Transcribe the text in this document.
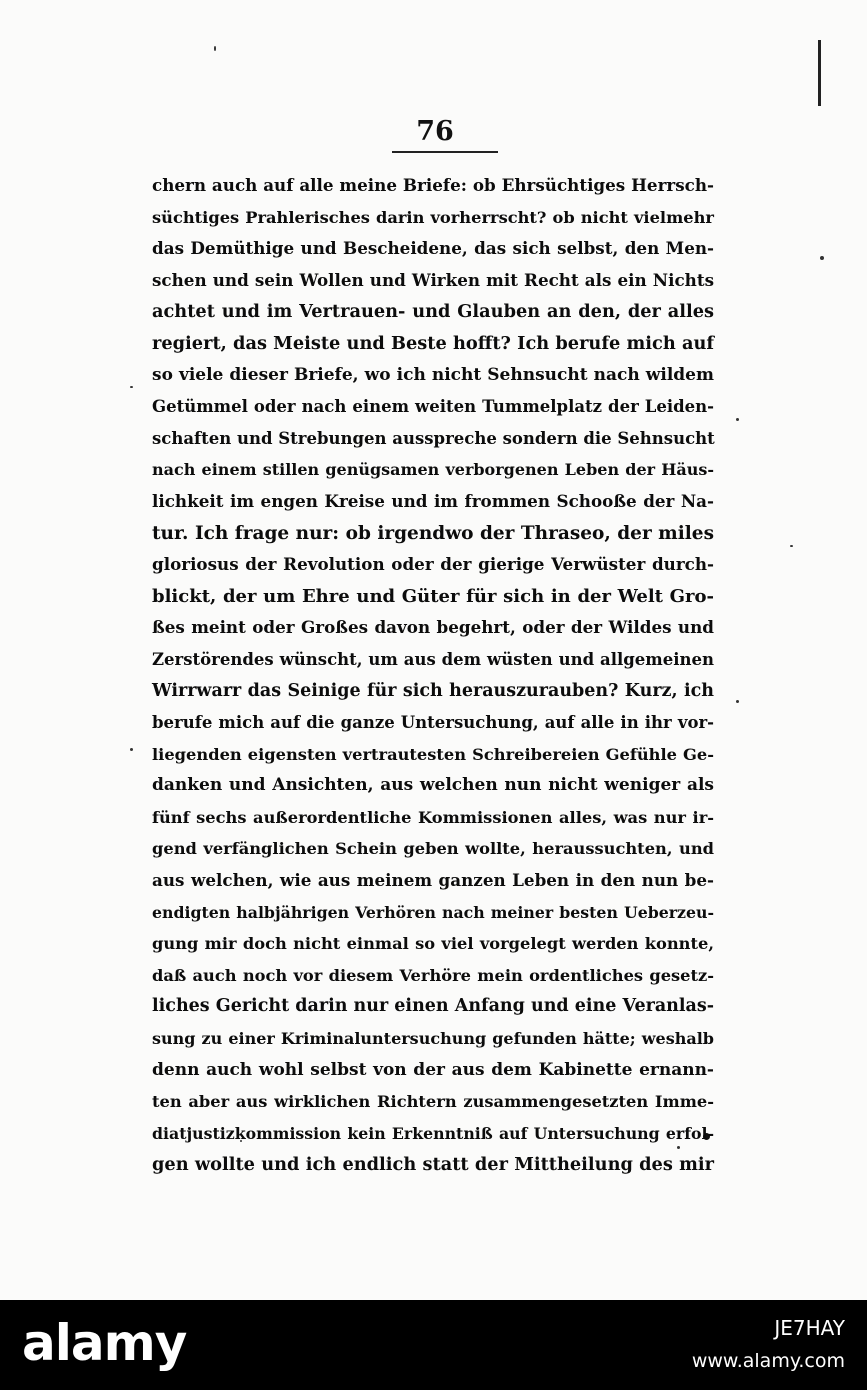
76
chern auch auf alle meine Briefe: ob Ehrsüchtiges Herrsch-
süchtiges Prahlerisches darin vorherrscht? ob nicht vielmehr
das Demüthige und Bescheidene, das sich selbst, den Men-
schen und sein Wollen und Wirken mit Recht als ein Nichts
achtet und im Vertrauen- und Glauben an den, der alles
regiert, das Meiste und Beste hofft? Ich berufe mich auf
so viele dieser Briefe, wo ich nicht Sehnsucht nach wildem
Getümmel oder nach einem weiten Tummelplatz der Leiden-
schaften und Strebungen ausspreche sondern die Sehnsucht
nach einem stillen genügsamen verborgenen Leben der Häus-
lichkeit im engen Kreise und im frommen Schooße der Na-
tur. Ich frage nur: ob irgendwo der Thraseo, der miles
gloriosus der Revolution oder der gierige Verwüster durch-
blickt, der um Ehre und Güter für sich in der Welt Gro-
ßes meint oder Großes davon begehrt, oder der Wildes und
Zerstörendes wünscht, um aus dem wüsten und allgemeinen
Wirrwarr das Seinige für sich herauszurauben? Kurz, ich
berufe mich auf die ganze Untersuchung, auf alle in ihr vor-
liegenden eigensten vertrautesten Schreibereien Gefühle Ge-
danken und Ansichten, aus welchen nun nicht weniger als
fünf sechs außerordentliche Kommissionen alles, was nur ir-
gend verfänglichen Schein geben wollte, heraussuchten, und
aus welchen, wie aus meinem ganzen Leben in den nun be-
endigten halbjährigen Verhören nach meiner besten Ueberzeu-
gung mir doch nicht einmal so viel vorgelegt werden konnte,
daß auch noch vor diesem Verhöre mein ordentliches gesetz-
liches Gericht darin nur einen Anfang und eine Veranlas-
sung zu einer Kriminaluntersuchung gefunden hätte; weshalb
denn auch wohl selbst von der aus dem Kabinette ernann-
ten aber aus wirklichen Richtern zusammengesetzten Imme-
diatjustizkommission kein Erkenntniß auf Untersuchung erfol-
gen wollte und ich endlich statt der Mittheilung des mir
alamy	JE7HAY
www.alamy.com
